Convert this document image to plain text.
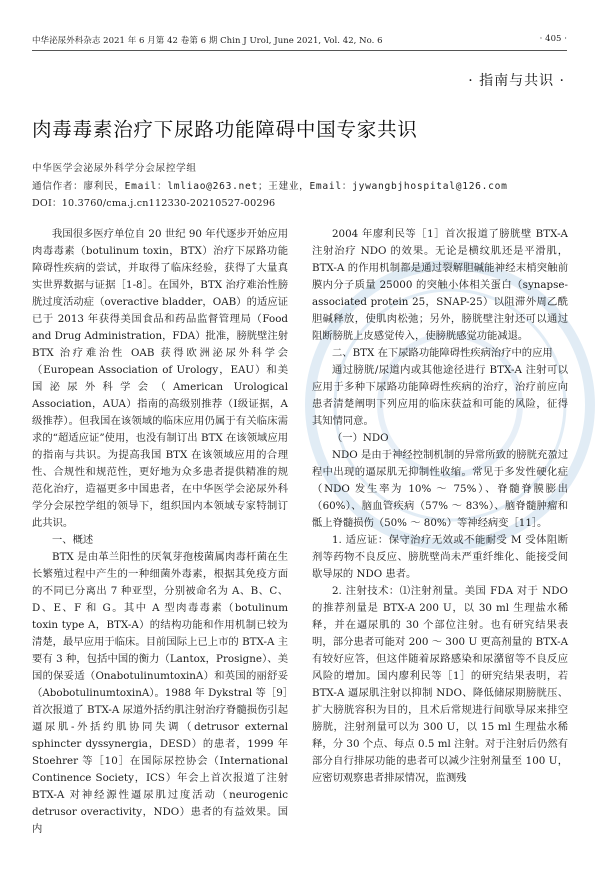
中华泌尿外科杂志 2021 年 6 月第 42 卷第 6 期 Chin J Urol, June 2021, Vol. 42, No. 6	· 405 ·
· 指南与共识 ·
肉毒毒素治疗下尿路功能障碍中国专家共识
中华医学会泌尿外科学分会尿控学组
通信作者：廖利民，Email：lmliao@263.net；王建业，Email：jywangbjhospital@126.com
DOI：10.3760/cma.j.cn112330-20210527-00296

我国很多医疗单位自 20 世纪 90 年代逐步开始应用肉毒毒素（botulinum toxin，BTX）治疗下尿路功能障碍性疾病的尝试，并取得了临床经验，获得了大量真实世界数据与证据［1-8］。在国外，BTX 治疗难治性膀胱过度活动症（overactive bladder，OAB）的适应证已于 2013 年获得美国食品和药品监督管理局（Food and Drug Administration，FDA）批准，膀胱壁注射 BTX 治疗难治性 OAB 获得欧洲泌尿外科学会（European Association of Urology，EAU）和美国泌尿外科学会（American Urological Association，AUA）指南的高级别推荐（Ⅰ级证据，A 级推荐）。但我国在该领域的临床应用仍属于有关临床需求的“超适应证”使用，也没有制订出 BTX 在该领域应用的指南与共识。为提高我国 BTX 在该领域应用的合理性、合规性和规范性，更好地为众多患者提供精准的规范化治疗，造福更多中国患者，在中华医学会泌尿外科学分会尿控学组的领导下，组织国内本领域专家特制订此共识。

一、概述

BTX 是由革兰阳性的厌氧芽孢梭菌属肉毒杆菌在生长繁殖过程中产生的一种细菌外毒素，根据其免疫方面的不同已分离出 7 种亚型，分别被命名为 A、B、C、D、E、F 和 G。其中 A 型肉毒毒素（botulinum toxin type A，BTX-A）的结构功能和作用机制已较为清楚，最早应用于临床。目前国际上已上市的 BTX-A 主要有 3 种，包括中国的衡力（Lantox，Prosigne）、美国的保妥适（OnabotulinumtoxinA）和英国的丽舒妥（AbobotulinumtoxinA）。1988 年 Dykstral 等［9］首次报道了 BTX-A 尿道外括约肌注射治疗脊髓损伤引起逼尿肌-外括约肌协同失调（detrusor external sphincter dyssynergia，DESD）的患者，1999 年 Stoehrer 等［10］在国际尿控协会（International Continence Society，ICS）年会上首次报道了注射 BTX-A 对神经源性逼尿肌过度活动（neurogenic detrusor overactivity，NDO）患者的有益效果。国内

2004 年廖利民等［1］首次报道了膀胱壁 BTX-A 注射治疗 NDO 的效果。无论是横纹肌还是平滑肌，BTX-A 的作用机制都是通过裂解胆碱能神经末梢突触前膜内分子质量 25000 的突触小体相关蛋白（synapse-associated protein 25，SNAP-25）以阻滞外周乙酰胆碱释放，使肌肉松弛；另外，膀胱壁注射还可以通过阻断膀胱上皮感觉传入，使膀胱感觉功能减退。

二、BTX 在下尿路功能障碍性疾病治疗中的应用

通过膀胱/尿道内或其他途径进行 BTX-A 注射可以应用于多种下尿路功能障碍性疾病的治疗，治疗前应向患者清楚阐明下列应用的临床获益和可能的风险，征得其知情同意。

（一）NDO

NDO 是由于神经控制机制的异常所致的膀胱充盈过程中出现的逼尿肌无抑制性收缩。常见于多发性硬化症（NDO 发生率为 10% ～ 75%）、脊髓脊膜膨出（60%）、脑血管疾病（57% ～ 83%）、脑脊髓肿瘤和骶上脊髓损伤（50% ～ 80%）等神经病变［11］。

1. 适应证：保守治疗无效或不能耐受 M 受体阻断剂等药物不良反应、膀胱壁尚未严重纤维化、能接受间歇导尿的 NDO 患者。

2. 注射技术：⑴注射剂量。美国 FDA 对于 NDO 的推荐剂量是 BTX-A 200 U，以 30 ml 生理盐水稀释，并在逼尿肌的 30 个部位注射。也有研究结果表明，部分患者可能对 200 ～ 300 U 更高剂量的 BTX-A 有较好应答，但这伴随着尿路感染和尿潴留等不良反应风险的增加。国内廖利民等［1］的研究结果表明，若 BTX-A 逼尿肌注射以抑制 NDO、降低储尿期膀胱压、扩大膀胱容积为目的，且术后常规进行间歇导尿来排空膀胱，注射剂量可以为 300 U，以 15 ml 生理盐水稀释，分 30 个点、每点 0.5 ml 注射。对于注射后仍然有部分自行排尿功能的患者可以减少注射剂量至 100 U，应密切观察患者排尿情况，监测残
